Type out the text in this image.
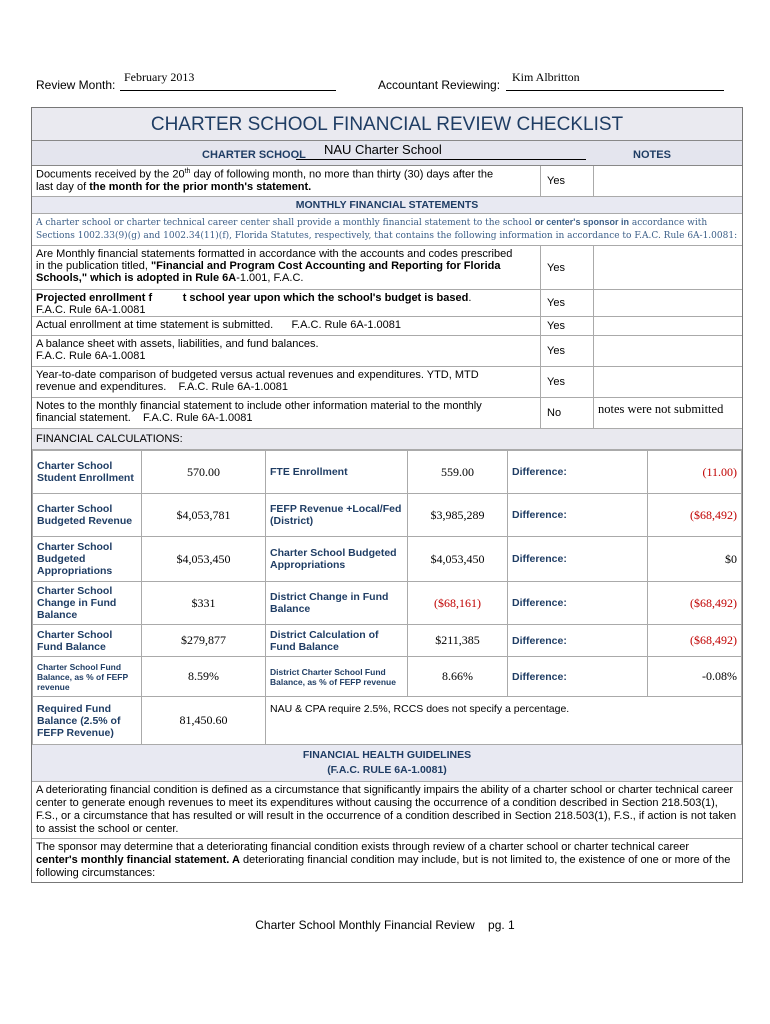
Review Month:
February 2013
Accountant Reviewing:
Kim Albritton
CHARTER SCHOOL FINANCIAL REVIEW CHECKLIST
CHARTER SCHOOL NAU Charter School	NOTES
Documents received by the 20th day of following month, no more than thirty (30) days after the
last day of the month for the prior month's statement.	Yes
MONTHLY FINANCIAL STATEMENTS
A charter school or charter technical career center shall provide a monthly financial statement to the school or center's sponsor in accordance with Sections 1002.33(9)(g) and 1002.34(11)(f), Florida Statutes, respectively, that contains the following information in accordance to F.A.C. Rule 6A-1.0081:
Are Monthly financial statements formatted in accordance with the accounts and codes prescribed
in the publication titled, "Financial and Program Cost Accounting and Reporting for Florida
Schools," which is adopted in Rule 6A-1.001, F.A.C.
Yes
Projected enrollment f          t school year upon which the school's budget is based.
F.A.C. Rule 6A-1.0081
Yes
Actual enrollment at time statement is submitted.      F.A.C. Rule 6A-1.0081	Yes
A balance sheet with assets, liabilities, and fund balances.
F.A.C. Rule 6A-1.0081	Yes
Year-to-date comparison of budgeted versus actual revenues and expenditures. YTD, MTD
revenue and expenditures.    F.A.C. Rule 6A-1.0081	Yes
Notes to the monthly financial statement to include other information material to the monthly
financial statement.    F.A.C. Rule 6A-1.0081	No	notes were not submitted
FINANCIAL CALCULATIONS:
Charter School Student Enrollment	570.00	FTE Enrollment	559.00	Difference:	(11.00)
Charter School Budgeted Revenue	$4,053,781	FEFP Revenue +Local/Fed (District)	$3,985,289	Difference:	($68,492)
Charter School Budgeted Appropriations	$4,053,450	Charter School Budgeted Appropriations	$4,053,450	Difference:	$0
Charter School Change in Fund Balance	$331	District Change in Fund Balance	($68,161)	Difference:	($68,492)
Charter School Fund Balance	$279,877	District Calculation of Fund Balance	$211,385	Difference:	($68,492)
Charter School Fund Balance, as % of FEFP revenue	8.59%	District Charter School Fund Balance, as % of FEFP revenue	8.66%	Difference:	-0.08%
Required Fund Balance (2.5% of FEFP Revenue)	81,450.60	NAU & CPA require 2.5%, RCCS does not specify a percentage.			
FINANCIAL HEALTH GUIDELINES
(F.A.C. RULE 6A-1.0081)
A deteriorating financial condition is defined as a circumstance that significantly impairs the ability of a charter school or charter technical career center to generate enough revenues to meet its expenditures without causing the occurrence of a condition described in Section 218.503(1), F.S., or a circumstance that has resulted or will result in the occurrence of a condition described in Section 218.503(1), F.S., if action is not taken to assist the school or center.
The sponsor may determine that a deteriorating financial condition exists through review of a charter school or charter technical career
center's monthly financial statement. A deteriorating financial condition may include, but is not limited to, the existence of one or more of the following circumstances:
Charter School Monthly Financial Review pg. 1
